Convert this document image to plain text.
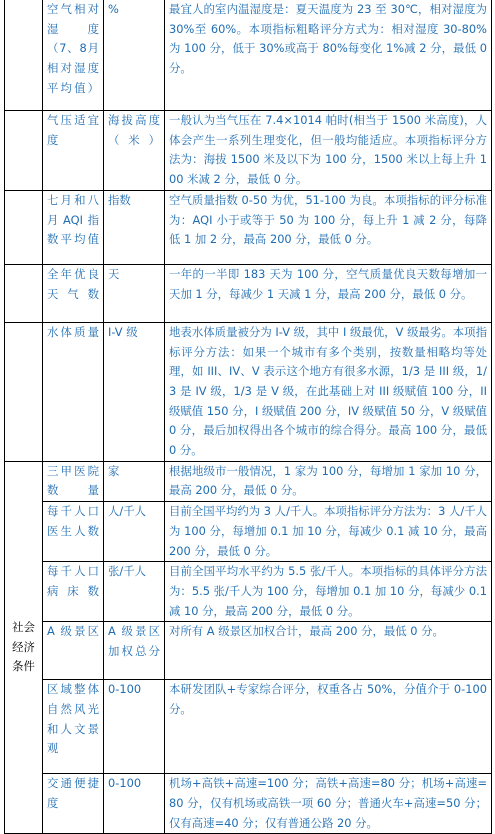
	空气相对湿度（7、8月相对湿度平均值）	%	最宜人的室内温湿度是：夏天温度为 23 至 30℃，相对湿度为 30%至 60%。本项指标粗略评分方式为：相对湿度 30-80%为 100 分，低于 30%或高于 80%每变化 1%减 2 分，最低 0 分。
	气压适宜度	海拔高度（米）	一般认为当气压在 7.4×1014 帕时(相当于 1500 米高度)，人体会产生一系列生理变化，但一般均能适应。本项指标评分方法为：海拔 1500 米及以下为 100 分，1500 米以上每上升 100 米减 2 分，最低 0 分。
	七月和八月AQI指数平均值	指数	空气质量指数 0-50 为优，51-100 为良。本项指标的评分标准为：AQI 小于或等于 50 为 100 分，每上升 1 减 2 分，每降低 1 加 2 分，最高 200 分，最低 0 分。
	全年优良天气数	天	一年的一半即 183 天为 100 分，空气质量优良天数每增加一天加 1 分，每减少 1 天减 1 分，最高 200 分，最低 0 分。
	水体质量	I-V 级	地表水体质量被分为 I-V 级，其中 I 级最优，V 级最劣。本项指标评分方法：如果一个城市有多个类别，按数量相略均等处理，如 III、IV、V 表示这个地方有很多水源，1/3 是 III 级，1/3 是 IV 级，1/3 是 V 级，在此基础上对 III 级赋值 100 分，II 级赋值 150 分，I 级赋值 200 分，IV 级赋值 50 分，V 级赋值 0 分，最后加权得出各个城市的综合得分。最高 100 分，最低 0 分。
社会经济条件	三甲医院数量	家	根据地级市一般情况，1 家为 100 分，每增加 1 家加 10 分，最高 200 分，最低 0 分。
	每千人口医生人数	人/千人	目前全国平均约为 3 人/千人。本项指标评分方法为：3 人/千人为 100 分，每增加 0.1 加 10 分，每减少 0.1 减 10 分，最高 200 分，最低 0 分。
	每千人口病床数	张/千人	目前全国平均水平约为 5.5 张/千人。本项指标的具体评分方法为：5.5 张/千人为 100 分，每增加 0.1 加 10 分，每减少 0.1 减 10 分，最高 200 分，最低 0 分。
	A 级景区	A 级景区加权总分	对所有 A 级景区加权合计，最高 200 分，最低 0 分。
	区域整体自然风光和人文景观	0-100	本研发团队+专家综合评分，权重各占 50%，分值介于 0-100 分。
	交通便捷度	0-100	机场+高铁+高速=100 分；高铁+高速=80 分；机场+高速=80 分，仅有机场或高铁一项 60 分；普通火车+高速=50 分；仅有高速=40 分；仅有普通公路 20 分。
